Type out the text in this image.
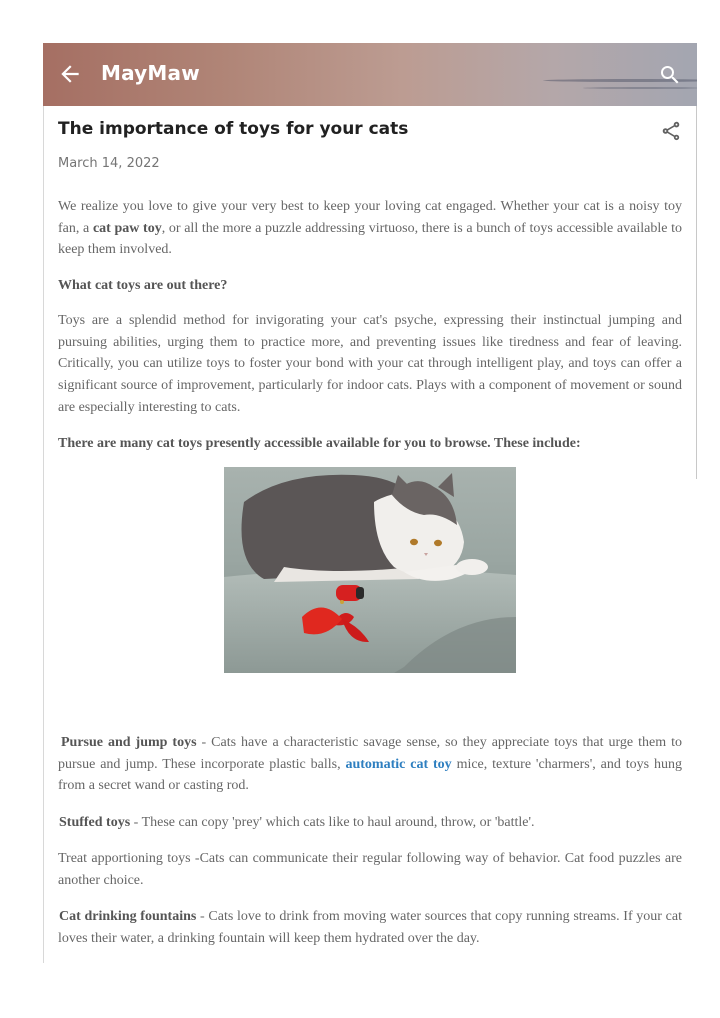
MayMaw
The importance of toys for your cats
March 14, 2022

We realize you love to give your very best to keep your loving cat engaged. Whether your cat is a noisy toy fan, a cat paw toy, or all the more a puzzle addressing virtuoso, there is a bunch of toys accessible available to keep them involved.

What cat toys are out there?

Toys are a splendid method for invigorating your cat's psyche, expressing their instinctual jumping and pursuing abilities, urging them to practice more, and preventing issues like tiredness and fear of leaving. Critically, you can utilize toys to foster your bond with your cat through intelligent play, and toys can offer a significant source of improvement, particularly for indoor cats. Plays with a component of movement or sound are especially interesting to cats.

There are many cat toys presently accessible available for you to browse. These include:

Pursue and jump toys - Cats have a characteristic savage sense, so they appreciate toys that urge them to pursue and jump. These incorporate plastic balls, automatic cat toy mice, texture 'charmers', and toys hung from a secret wand or casting rod.

Stuffed toys - These can copy 'prey' which cats like to haul around, throw, or 'battle'.

Treat apportioning toys -Cats can communicate their regular following way of behavior. Cat food puzzles are another choice.

Cat drinking fountains - Cats love to drink from moving water sources that copy running streams. If your cat loves their water, a drinking fountain will keep them hydrated over the day.
